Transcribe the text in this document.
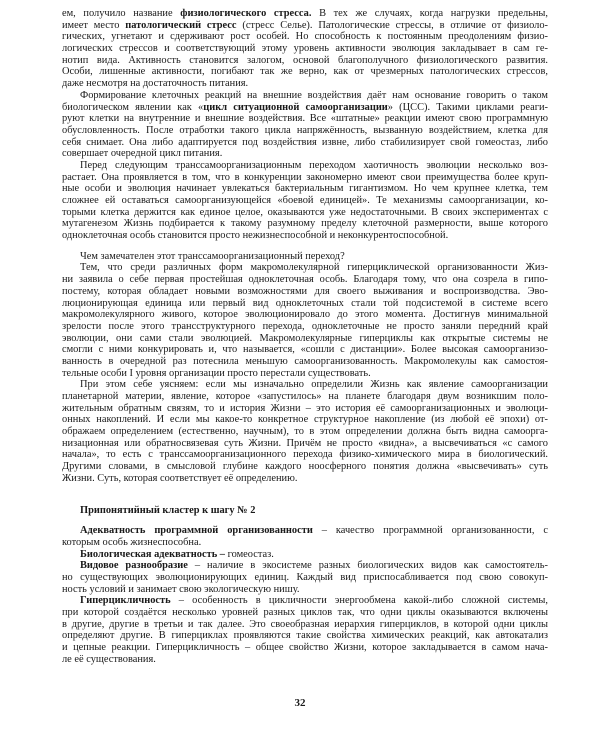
ем, получило название физиологического стресса. В тех же случаях, когда нагрузки предельны,
имеет место патологический стресс (стресс Селье). Патологические стрессы, в отличие от физиоло-
гических, угнетают и сдерживают рост особей. Но способность к постоянным преодолениям физио-
логических стрессов и соответствующий этому уровень активности эволюция закладывает в сам ге-
нотип вида. Активность становится залогом, основой благополучного физиологического развития.
Особи, лишенные активности, погибают так же верно, как от чрезмерных патологических стрессов,
даже несмотря на достаточность питания.
Формирование клеточных реакций на внешние воздействия даёт нам основание говорить о таком
биологическом явлении как «цикл ситуационной самоорганизации» (ЦСС). Такими циклами реаги-
руют клетки на внутренние и внешние воздействия. Все «штатные» реакции имеют свою программную
обусловленность. После отработки такого цикла напряжённость, вызванную воздействием, клетка для
себя снимает. Она либо адаптируется под воздействия извне, либо стабилизирует свой гомеостаз, либо
совершает очередной цикл питания.
Перед следующим трансcамоорганизационным переходом хаотичность эволюции несколько воз-
растает. Она проявляется в том, что в конкуренции закономерно имеют свои преимущества более круп-
ные особи и эволюция начинает увлекаться бактериальным гигантизмом. Но чем крупнее клетка, тем
сложнее ей оставаться самоорганизующейся «боевой единицей». Те механизмы самоорганизации, ко-
торыми клетка держится как единое целое, оказываются уже недостаточными. В своих экспериментах с
мутагенезом Жизнь подбирается к такому разумному пределу клеточной размерности, выше которого
одноклеточная особь становится просто нежизнеспособной и неконкурентоспособной.
Чем замечателен этот трансcамоорганизационный переход?
Тем, что среди различных форм макромолекулярной гиперциклической организованности Жиз-
ни заявила о себе первая простейшая одноклеточная особь. Благодаря тому, что она созрела в гипо-
постему, которая обладает новыми возможностями для своего выживания и воспроизводства. Эво-
люционирующая единица или первый вид одноклеточных стали той подсистемой в системе всего
макромолекулярного живого, которое эволюционировало до этого момента. Достигнув минимальной
зрелости после этого трансструктурного перехода, одноклеточные не просто заняли передний край
эволюции, они сами стали эволюцией. Макромолекулярные гиперциклы как открытые системы не
смогли с ними конкурировать и, что называется, «сошли с дистанции». Более высокая самоорганизо-
ванность в очередной раз потеснила меньшую самоорганизованность. Макромолекулы как самостоя-
тельные особи I уровня организации просто перестали существовать.
При этом себе уясняем: если мы изначально определили Жизнь как явление самоорганизации
планетарной материи, явление, которое «запустилось» на планете благодаря двум возникшим поло-
жительным обратным связям, то и история Жизни – это история её самоорганизационных и эволюци-
онных накоплений. И если мы какое-то конкретное структурное накопление (из любой её эпохи) от-
ображаем определением (естественно, научным), то в этом определении должна быть видна самоорга-
низационная или обратносвязевая суть Жизни. Причём не просто «видна», а высвечиваться «с самого
начала», то есть с трансcамоорганизационного перехода физико-химического мира в биологический.
Другими словами, в смысловой глубине каждого ноосферного понятия должна «высвечивать» суть
Жизни. Суть, которая соответствует её определению.
Припонятийный кластер к шагу № 2
Адекватность программной организованности – качество программной организованности, с
которым особь жизнеспособна.
Биологическая адекватность – гомеостаз.
Видовое разнообразие – наличие в экосистеме разных биологических видов как самостоятель-
но существующих эволюционирующих единиц. Каждый вид приспосабливается под свою совокуп-
ность условий и занимает свою экологическую нишу.
Гиперцикличность – особенность в цикличности энергообмена какой-либо сложной системы,
при которой создаётся несколько уровней разных циклов так, что одни циклы оказываются включены
в другие, другие в третьи и так далее. Это своеобразная иерархия гиперциклов, в которой одни циклы
определяют другие. В гиперциклах проявляются такие свойства химических реакций, как автокатализ
и цепные реакции. Гиперцикличность – общее свойство Жизни, которое закладывается в самом нача-
ле её существования.
32
